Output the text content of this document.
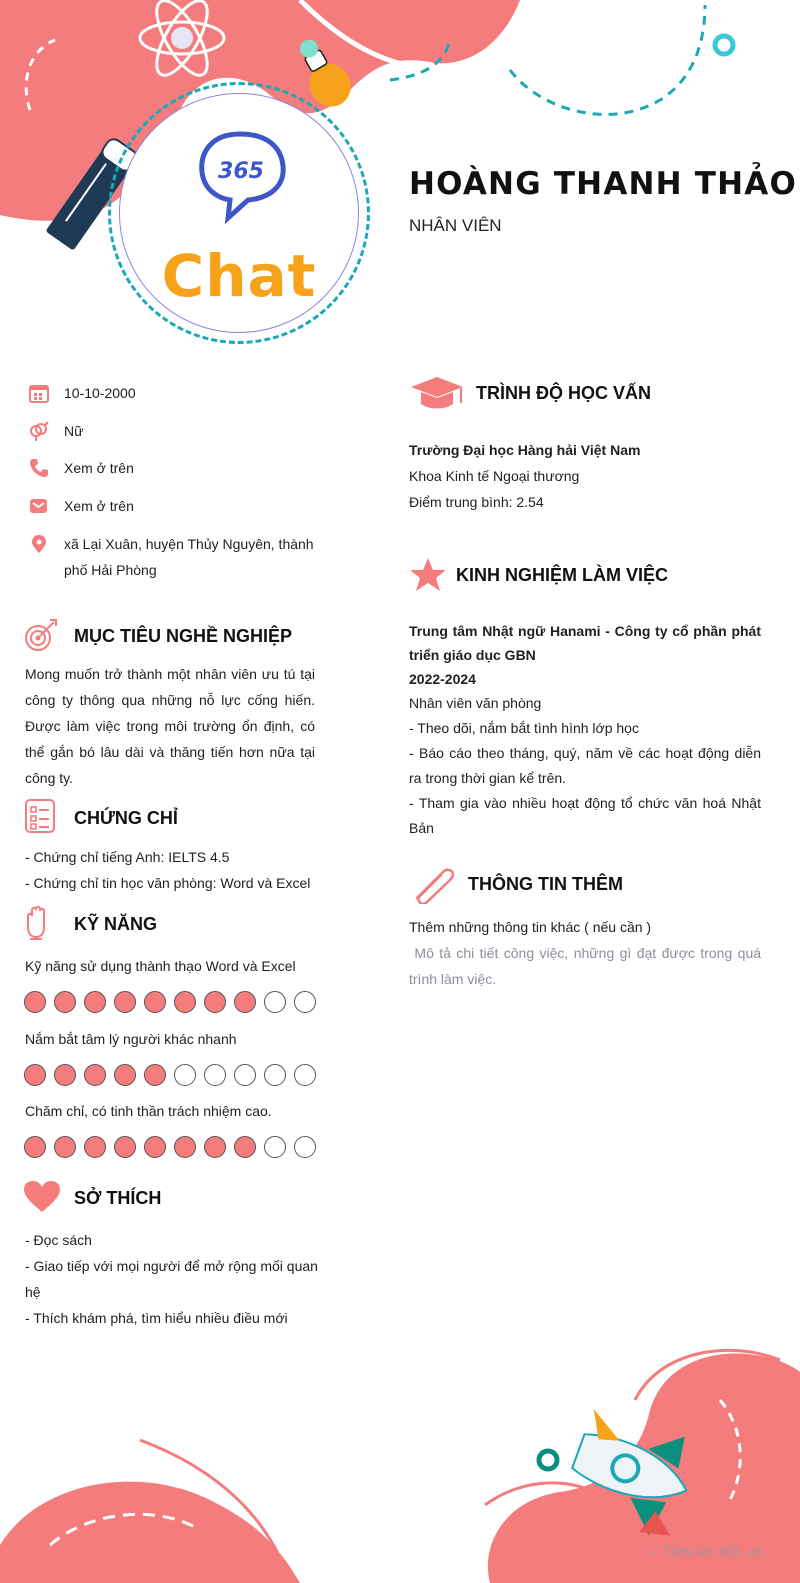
365
Chat
HOÀNG THANH THẢO
NHÂN VIÊN
10-10-2000
Nữ
Xem ở trên
Xem ở trên
xã Lại Xuân, huyện Thủy Nguyên, thành phố Hải Phòng
MỤC TIÊU NGHỀ NGHIỆP
Mong muốn trở thành một nhân viên ưu tú tại công ty thông qua những nỗ lực cống hiến. Được làm việc trong môi trường ổn định, có thể gắn bó lâu dài và thăng tiến hơn nữa tại công ty.
CHỨNG CHỈ

- Chứng chỉ tiếng Anh: IELTS 4.5

- Chứng chỉ tin học văn phòng: Word và Excel

KỸ NĂNG
Kỹ năng sử dụng thành thạo Word và Excel
Nắm bắt tâm lý người khác nhanh
Chăm chỉ, có tinh thần trách nhiệm cao.
SỞ THÍCH

- Đọc sách

- Giao tiếp với mọi người để mở rộng mối quan hệ

- Thích khám phá, tìm hiểu nhiều điều mới

TRÌNH ĐỘ HỌC VẤN

Trường Đại học Hàng hải Việt Nam

Khoa Kinh tế Ngoại thương

Điểm trung bình: 2.54

KINH NGHIỆM LÀM VIỆC

Trung tâm Nhật ngữ Hanami - Công ty cổ phần phát triển giáo dục GBN

2022-2024

Nhân viên văn phòng

- Theo dõi, nắm bắt tình hình lớp học

- Báo cáo theo tháng, quý, năm về các hoạt động diễn ra trong thời gian kể trên.

- Tham gia vào nhiều hoạt động tổ chức văn hoá Nhật Bản

THÔNG TIN THÊM

Thêm những thông tin khác ( nếu cần )

Mô tả chi tiết công việc, những gì đạt được trong quá trình làm việc.

∴ Timviec365.vn
